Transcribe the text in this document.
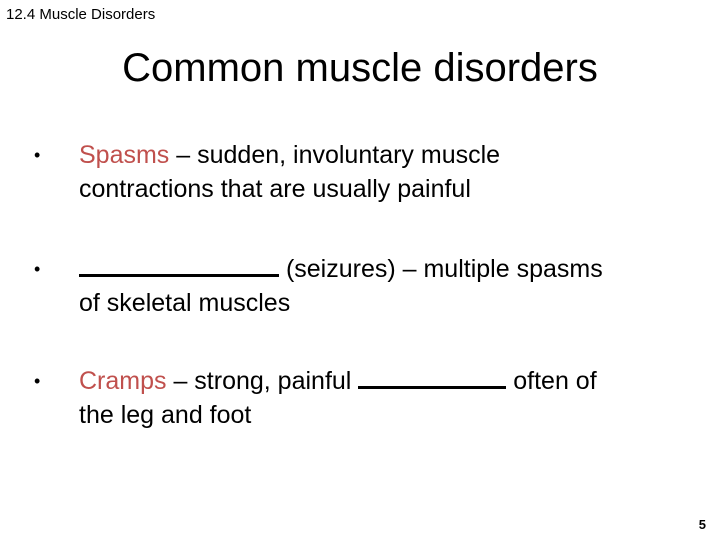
12.4 Muscle Disorders
Common muscle disorders
• Spasms – sudden, involuntary muscle
contractions that are usually painful
•	(seizures) – multiple spasms
of skeletal muscles
• Cramps – strong, painful	often of
the leg and foot
5
